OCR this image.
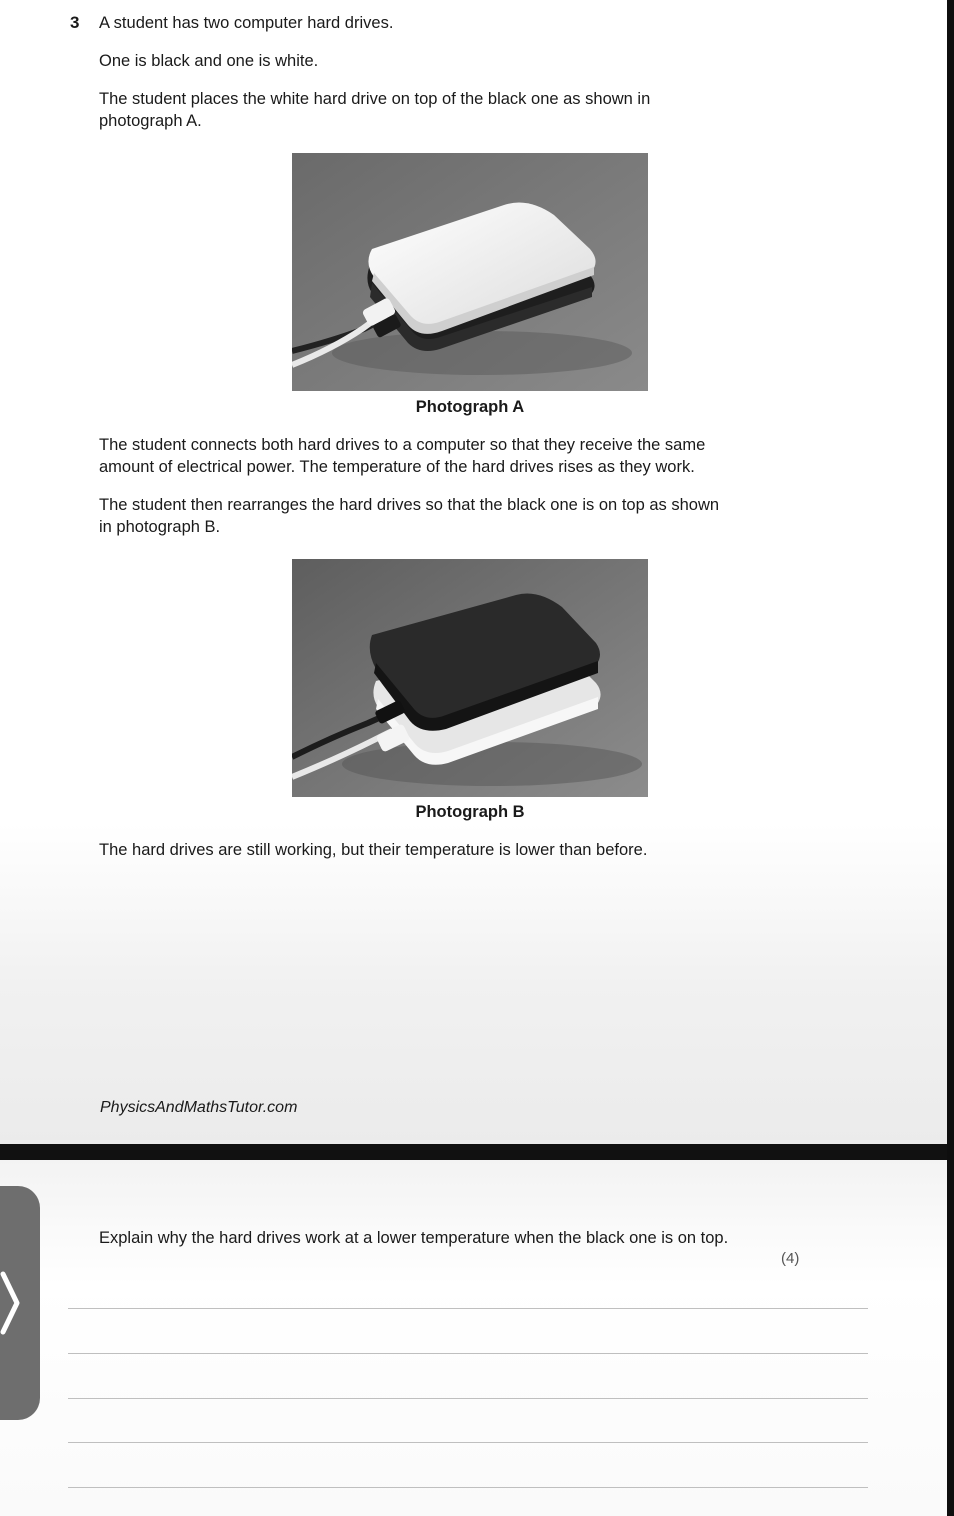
3 A student has two computer hard drives.
One is black and one is white.
The student places the white hard drive on top of the black one as shown in
photograph A.
Photograph A
The student connects both hard drives to a computer so that they receive the same
amount of electrical power. The temperature of the hard drives rises as they work.
The student then rearranges the hard drives so that the black one is on top as shown
in photograph B.
Photograph B
The hard drives are still working, but their temperature is lower than before.
PhysicsAndMathsTutor.com
Explain why the hard drives work at a lower temperature when the black one is on top.
(4)
